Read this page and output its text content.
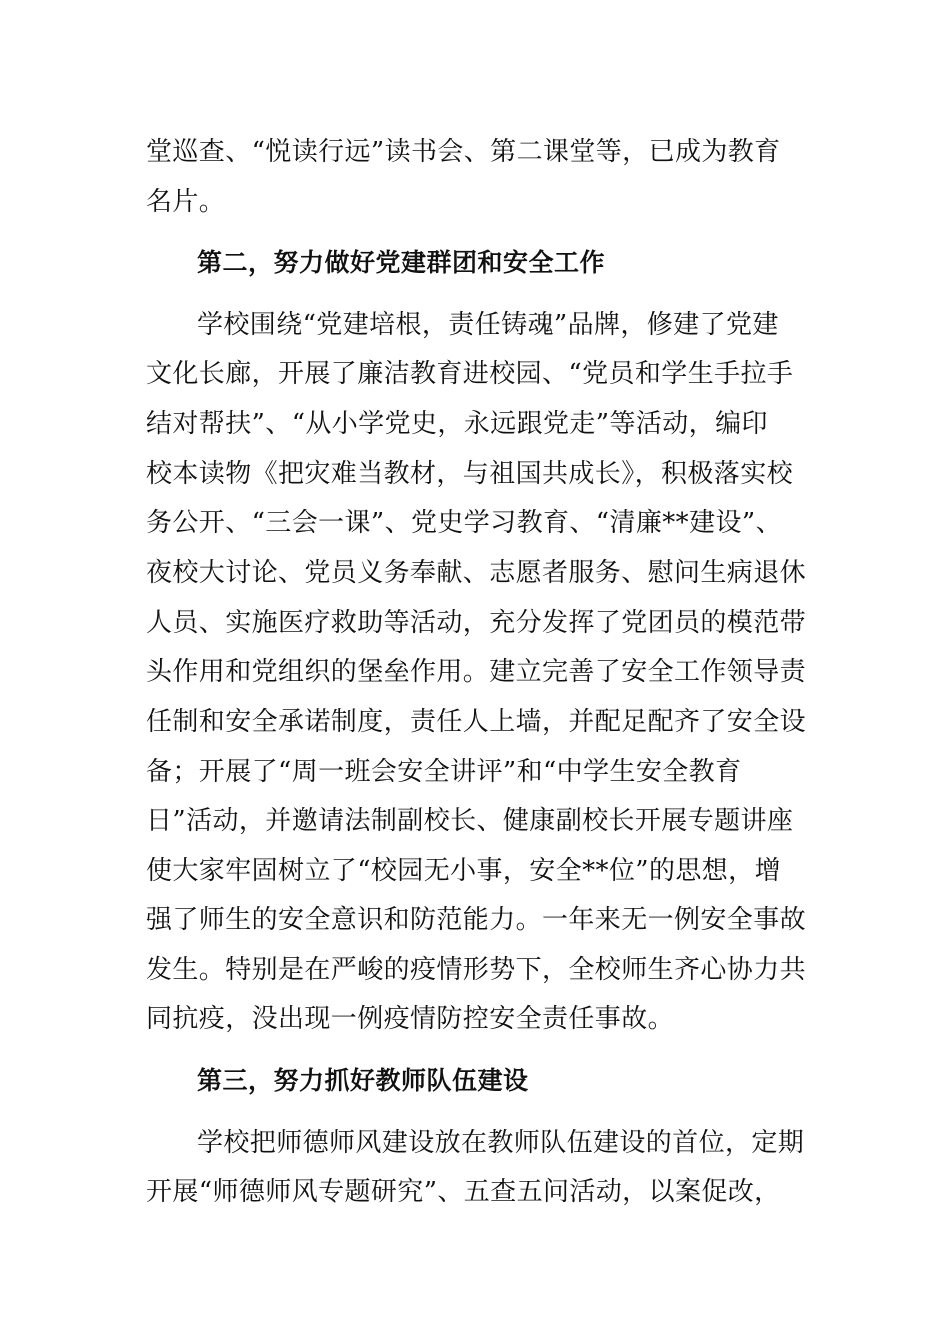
堂巡查、“悦读行远”读书会、第二课堂等，已成为教育
名片。
第二，努力做好党建群团和安全工作
学校围绕“党建培根，责任铸魂”品牌，修建了党建
文化长廊，开展了廉洁教育进校园、“党员和学生手拉手
结对帮扶”、“从小学党史，永远跟党走”等活动，编印
校本读物《把灾难当教材，与祖国共成长》，积极落实校
务公开、“三会一课”、党史学习教育、“清廉**建设”、
夜校大讨论、党员义务奉献、志愿者服务、慰问生病退休
人员、实施医疗救助等活动，充分发挥了党团员的模范带
头作用和党组织的堡垒作用。建立完善了安全工作领导责
任制和安全承诺制度，责任人上墙，并配足配齐了安全设
备；开展了“周一班会安全讲评”和“中学生安全教育
日”活动，并邀请法制副校长、健康副校长开展专题讲座
使大家牢固树立了“校园无小事，安全**位”的思想，增
强了师生的安全意识和防范能力。一年来无一例安全事故
发生。特别是在严峻的疫情形势下，全校师生齐心协力共
同抗疫，没出现一例疫情防控安全责任事故。
第三，努力抓好教师队伍建设
学校把师德师风建设放在教师队伍建设的首位，定期
开展“师德师风专题研究”、五查五问活动，以案促改，
